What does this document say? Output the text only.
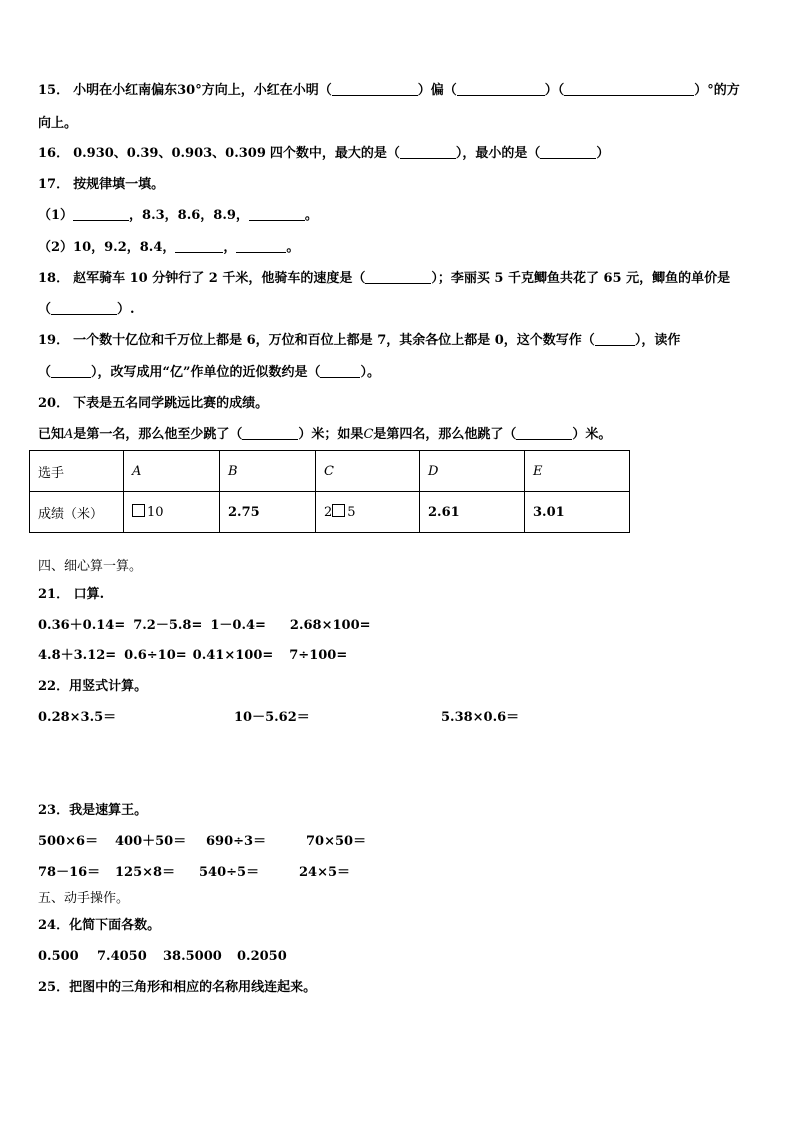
15． 小明在小红南偏东30°方向上，小红在小明（	）偏（	）（	）°的方
向上。
16． 0.930、0.39、0.903、0.309 四个数中，最大的是（	），最小的是（	）
17． 按规律填一填。
（1）	，8.3，8.6，8.9，	。
（2）10，9.2，8.4，	，	。
18． 赵军骑车 10 分钟行了 2 千米，他骑车的速度是（	）；李丽买 5 千克鲫鱼共花了 65 元，鲫鱼的单价是
（	）.
19． 一个数十亿位和千万位上都是 6，万位和百位上都是 7，其余各位上都是 0，这个数写作（	），读作
（	），改写成用“亿”作单位的近似数约是（	）。
20． 下表是五名同学跳远比赛的成绩。
已知A是第一名，那么他至少跳了（	）米；如果C是第四名，那么他跳了（	）米。
选手	A	B	C	D	E
成绩（米）	10	2.75	2 5	2.61	3.01
四、细心算一算。
21． 口算.
0.36＋0.14= 7.2－5.8= 1－0.4= 2.68×100=
4.8＋3.12= 0.6÷10= 0.41×100= 7÷100=
22．用竖式计算。
0.28×3.5＝	10－5.62＝	5.38×0.6＝
23．我是速算王。
500×6＝ 400＋50＝ 690÷3＝	70×50＝
78－16＝ 125×8＝ 540÷5＝	24×5＝
五、动手操作。
24．化简下面各数。
0.500 7.4050 38.5000 0.2050
25．把图中的三角形和相应的名称用线连起来。
